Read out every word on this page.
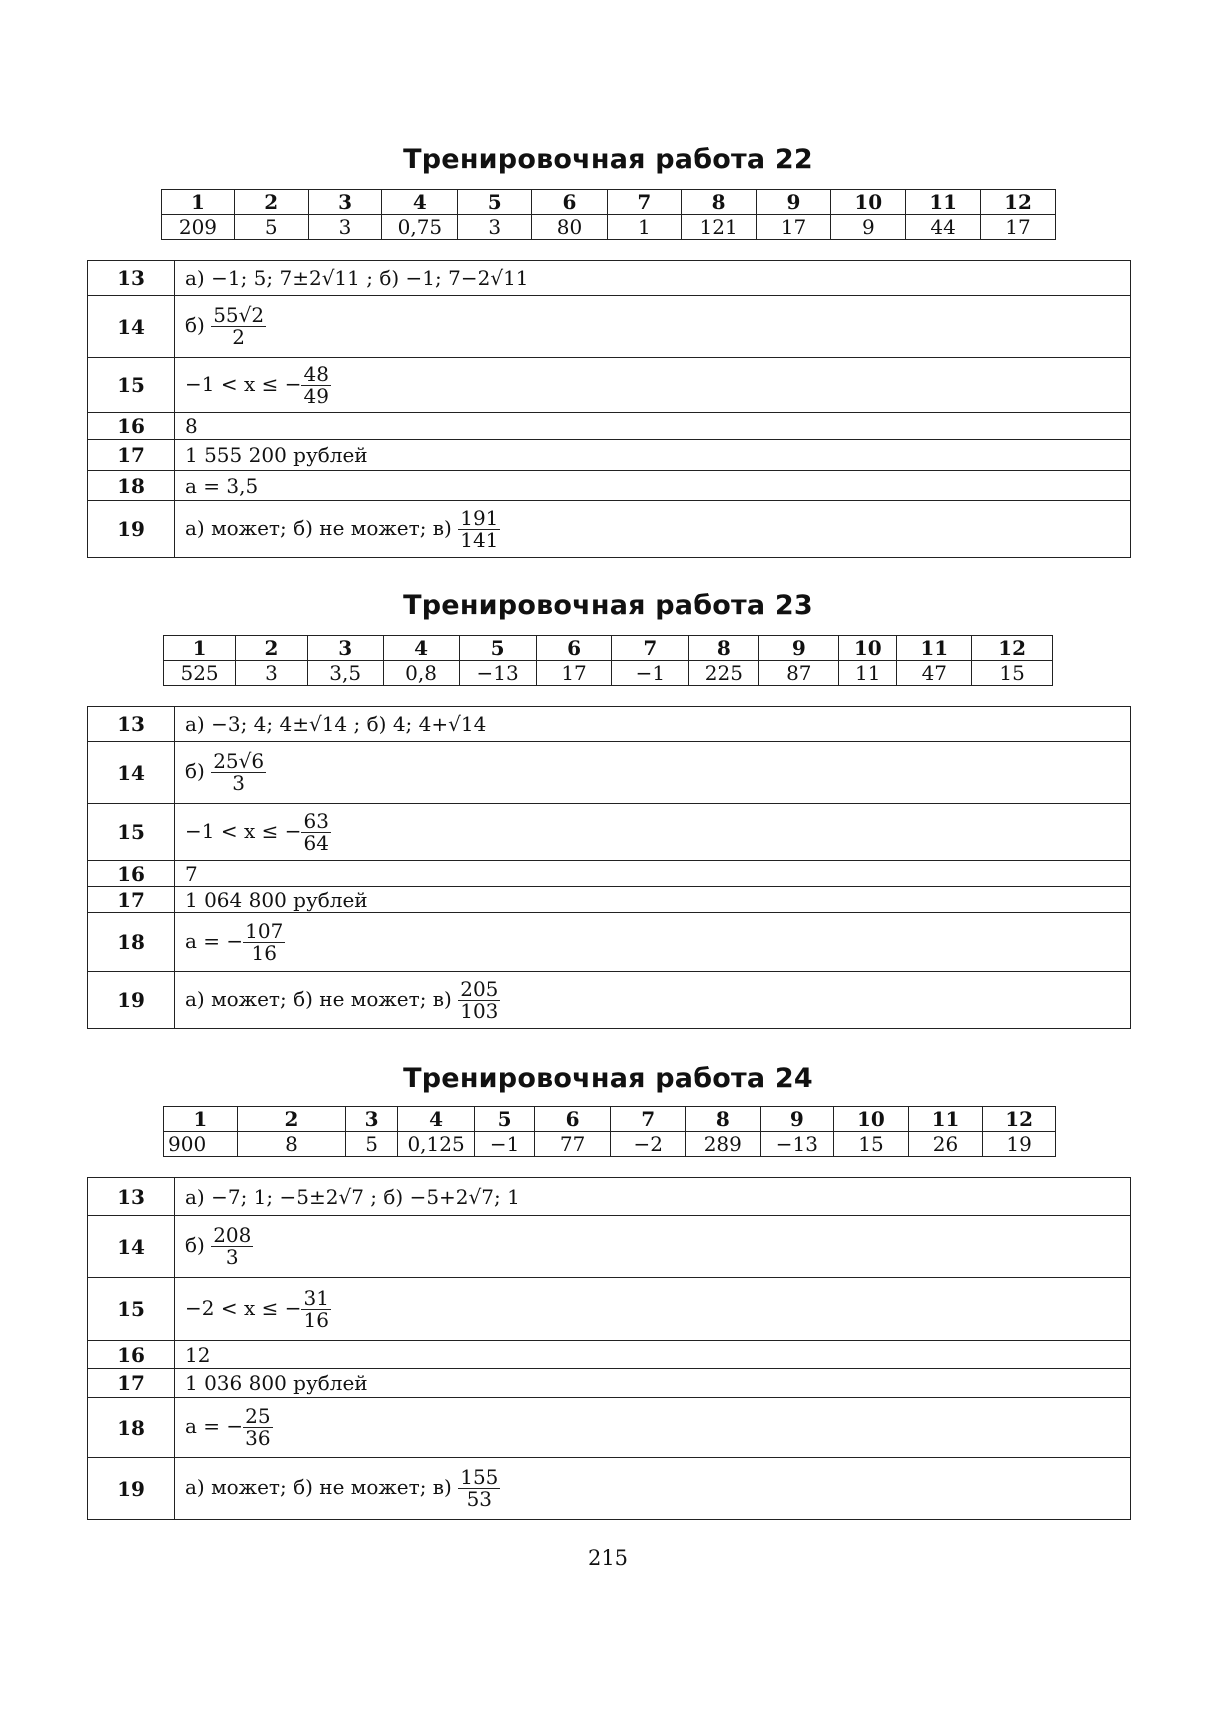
Тренировочная работа 22
1	2	3	4	5	6	7	8	9	10	11	12
209	5	3	0,75	3	80	1	121	17	9	44	17
13	а) −1; 5; 7±2√11 ; б) −1; 7−2√11
14	$б) \frac{55√2}{2}$

15	−1 < x ≤ − $\frac{48}{49}$

16	8
17	1 555 200 рублей
18	a = 3,5
19	а) может; б) не может; $в) \frac{191}{141}$
Тренировочная работа 23
1	2	3	4	5	6	7	8	9	10	11	12
525	3	3,5	0,8	−13	17	−1	225	87	11	47	15
13	а) −3; 4; 4±√14 ; б) 4; 4+√14
14	$б) \frac{25√6}{3}$

15	−1 < x ≤ − $\frac{63}{64}$

16	7
17	1 064 800 рублей
18	a = − $\frac{107}{16}$

19	а) может; б) не может; $в) \frac{205}{103}$
Тренировочная работа 24
1	2	3	4	5	6	7	8	9	10	11	12
900	8	5	0,125	−1	77	−2	289	−13	15	26	19
13	а) −7; 1; −5±2√7 ; б) −5+2√7; 1
14	$б) \frac{208}{3}$

15	−2 < x ≤ − $\frac{31}{16}$

16	12
17	1 036 800 рублей
18	a = − $\frac{25}{36}$

19	а) может; б) не может; $в) \frac{155}{53}$
215
